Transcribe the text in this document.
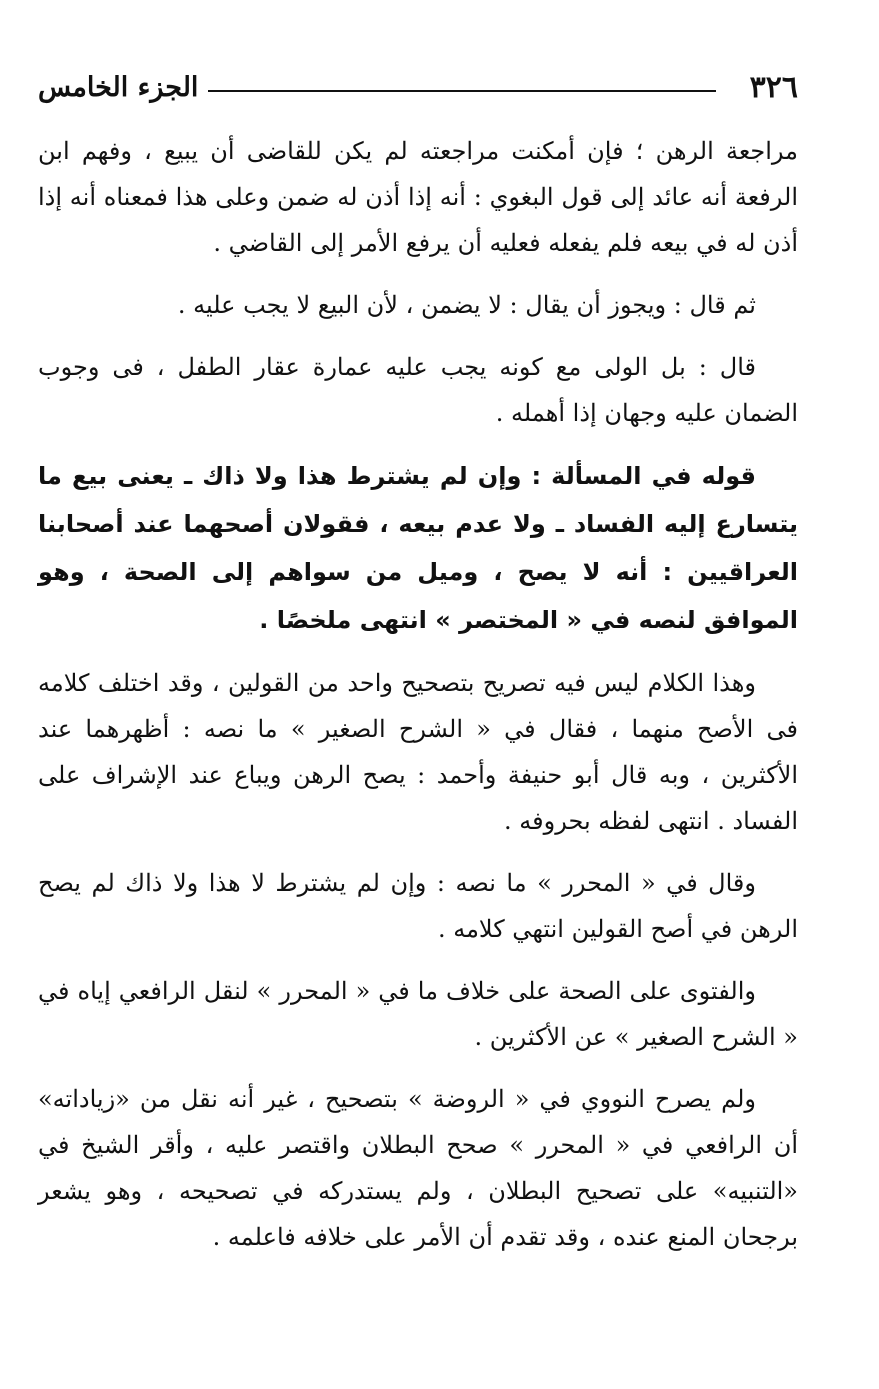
الجزء الخامس	٣٢٦

مراجعة الرهن ؛ فإن أمكنت مراجعته لم يكن للقاضى أن يبيع ، وفهم ابن الرفعة أنه عائد إلى قول البغوي : أنه إذا أذن له ضمن وعلى هذا فمعناه أنه إذا أذن له في بيعه فلم يفعله فعليه أن يرفع الأمر إلى القاضي .

ثم قال : ويجوز أن يقال : لا يضمن ، لأن البيع لا يجب عليه .

قال : بل الولى مع كونه يجب عليه عمارة عقار الطفل ، فى وجوب الضمان عليه وجهان إذا أهمله .

قوله في المسألة : وإن لم يشترط هذا ولا ذاك ـ يعنى بيع ما يتسارع إليه الفساد ـ ولا عدم بيعه ، فقولان أصحهما عند أصحابنا العراقيين : أنه لا يصح ، وميل من سواهم إلى الصحة ، وهو الموافق لنصه في « المختصر » انتهى ملخصًا .

وهذا الكلام ليس فيه تصريح بتصحيح واحد من القولين ، وقد اختلف كلامه فى الأصح منهما ، فقال في « الشرح الصغير » ما نصه : أظهرهما عند الأكثرين ، وبه قال أبو حنيفة وأحمد : يصح الرهن ويباع عند الإشراف على الفساد . انتهى لفظه بحروفه .

وقال في « المحرر » ما نصه : وإن لم يشترط لا هذا ولا ذاك لم يصح الرهن في أصح القولين انتهي كلامه .

والفتوى على الصحة على خلاف ما في « المحرر » لنقل الرافعي إياه في « الشرح الصغير » عن الأكثرين .

ولم يصرح النووي في « الروضة » بتصحيح ، غير أنه نقل من «زياداته» أن الرافعي في « المحرر » صحح البطلان واقتصر عليه ، وأقر الشيخ في «التنبيه» على تصحيح البطلان ، ولم يستدركه في تصحيحه ، وهو يشعر برجحان المنع عنده ، وقد تقدم أن الأمر على خلافه فاعلمه .
